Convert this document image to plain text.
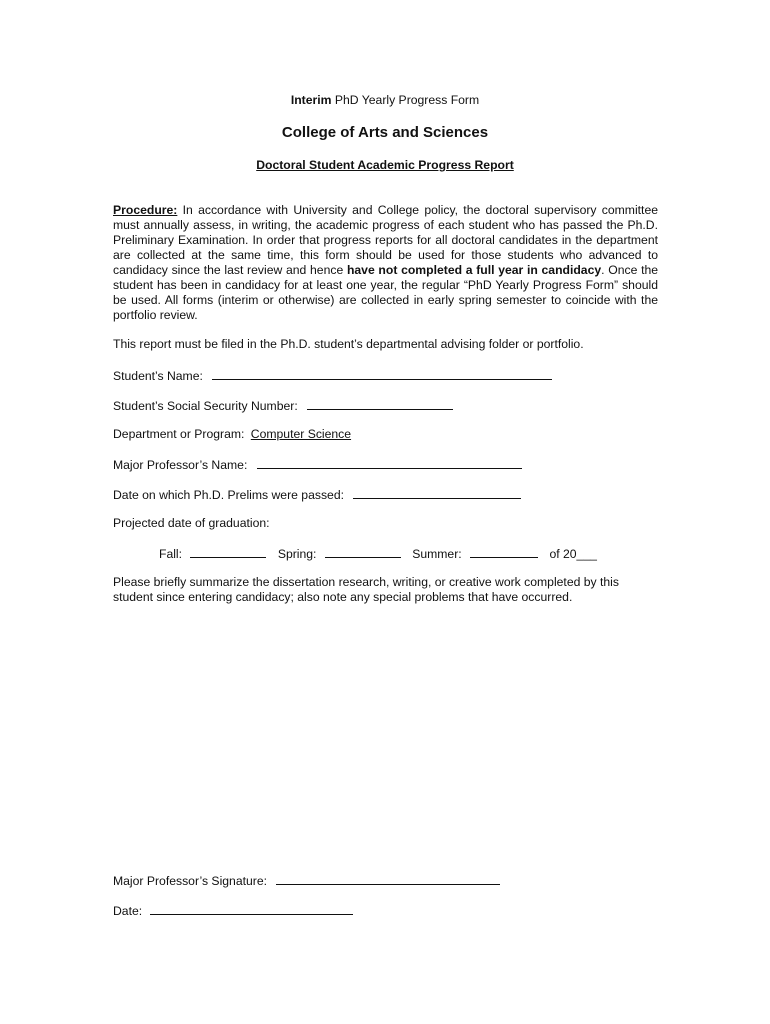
Interim PhD Yearly Progress Form
College of Arts and Sciences
Doctoral Student Academic Progress Report

Procedure: In accordance with University and College policy, the doctoral supervisory committee must annually assess, in writing, the academic progress of each student who has passed the Ph.D. Preliminary Examination. In order that progress reports for all doctoral candidates in the department are collected at the same time, this form should be used for those students who advanced to candidacy since the last review and hence have not completed a full year in candidacy. Once the student has been in candidacy for at least one year, the regular “PhD Yearly Progress Form” should be used. All forms (interim or otherwise) are collected in early spring semester to coincide with the portfolio review.

This report must be filed in the Ph.D. student’s departmental advising folder or portfolio.
Student’s Name:
Student’s Social Security Number:
Department or Program: Computer Science
Major Professor’s Name:
Date on which Ph.D. Prelims were passed:
Projected date of graduation:
Fall:	Spring:	Summer:	of 20___

Please briefly summarize the dissertation research, writing, or creative work completed by this student since entering candidacy; also note any special problems that have occurred.

Major Professor’s Signature:
Date:
